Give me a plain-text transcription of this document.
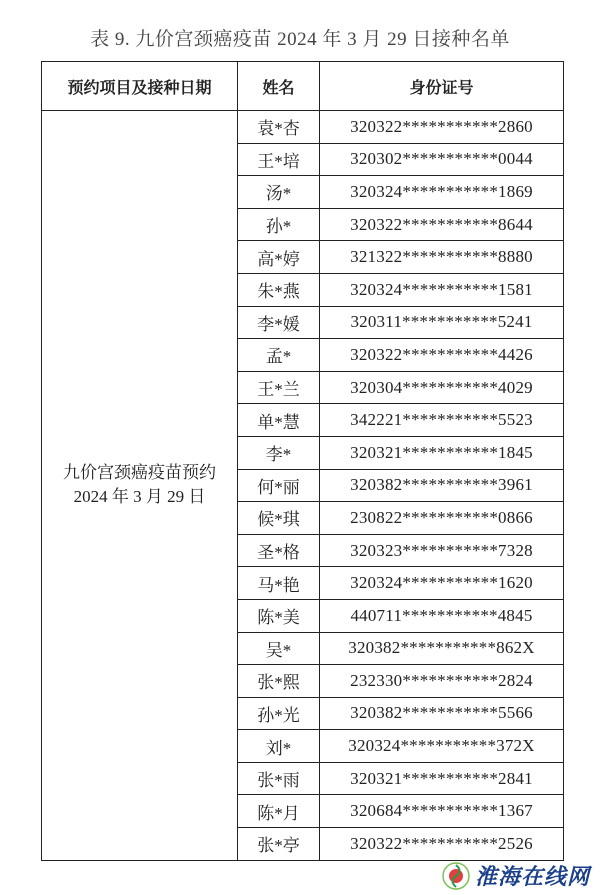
表 9. 九价宫颈癌疫苗 2024 年 3 月 29 日接种名单
预约项目及接种日期	姓名	身份证号

九价宫颈癌疫苗预约
2024 年 3 月 29 日	袁*杏	320322***********2860
	王*培	320302***********0044
	汤*	320324***********1869
	孙*	320322***********8644
	高*婷	321322***********8880
	朱*燕	320324***********1581
	李*媛	320311***********5241
	孟*	320322***********4426
	王*兰	320304***********4029
	单*慧	342221***********5523
	李*	320321***********1845
	何*丽	320382***********3961
	候*琪	230822***********0866
	圣*格	320323***********7328
	马*艳	320324***********1620
	陈*美	440711***********4845
	吴*	320382***********862X
	张*熙	232330***********2824
	孙*光	320382***********5566
	刘*	320324***********372X
	张*雨	320321***********2841
	陈*月	320684***********1367
	张*亭	320322***********2526
淮海在线网
